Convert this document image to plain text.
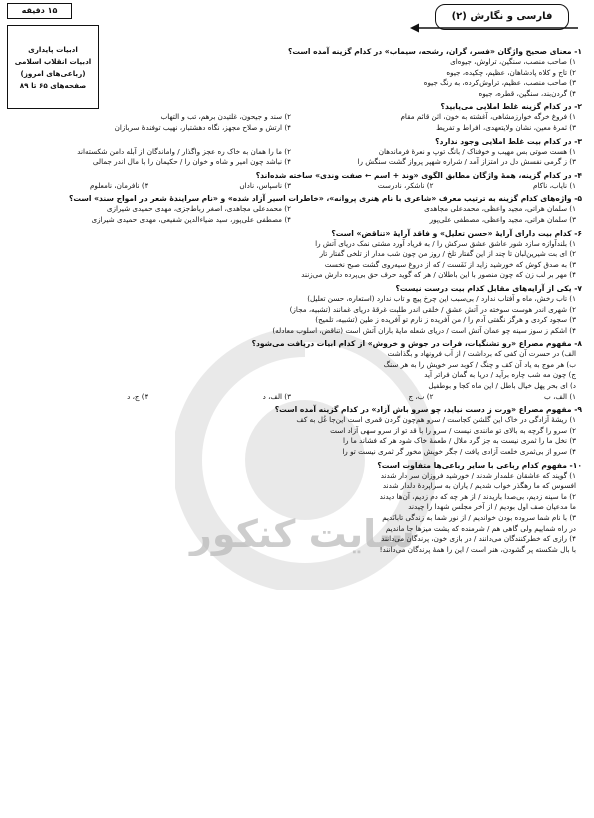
سایت کنکور
۱۵ دقیقه
ادبیات پایداری
ادبیات انقلاب اسلامی
(رباعی‌های امروز)
صفحه‌های ۶۵ تا ۸۹
فارسی و نگارش (۲)
۱- معنای صحیح واژگان «فسر، گران، رشحه، سیماب» در کدام گزینه آمده است؟
۱) صاحب منصب، سنگین، تراوش، جیوه‌ای
۲) تاج و کلاه پادشاهان، عظیم، چکیده، جیوه
۳) صاحب منصب، عظیم، تراوش‌کرده، به رنگ جیوه
۴) گردن‌بند، سنگین، قطره، جیوه
۲- در کدام گزینه غلط املایی می‌یابید؟
۱) فروغ خرگه خوارزمشاهی، آغشته به خون، اثن قائم مقام
۲) سند و جیحون، غلتیدن برهم، تب و التهاب
۳) ثمرهٔ معین، نشان ولایتعهدی، افراط و تفریط
۴) ارتش و صلاح مجهز، نگاه دهشتبار، نهیب توفندهٔ سربازان
۳- در کدام بیت غلط املایی وجود ندارد؟
۱) هست صوتی بس مهیب و خوفناک / بانگ توپ و نعرهٔ فرماندهان
۲) ما را همان به خاک ره عجز واگذار / واماندگان از آبله دامن شکسته‌اند
۳) ز گرمی نفسش دل در امتزاز آمد / شراره شهپر پرواز گشت سنگش را
۴) نباشد چون امیر و شاه و خوان را / حکیمان را با مال اندر جمالی
۴- در کدام گزینه، همهٔ واژگان مطابق الگوی «وند + اسم ← صفت وندی» ساخته شده‌اند؟
۱) نایاب، ناکام
۲) ناشکر، نادرست
۳) ناسپاس، ناداں
۴) نافرمان، نامعلوم
۵- واژه‌های کدام گزینه به ترتیب معرف «شاعری با نام هنری پروانه»، «خاطرات اسیر آزاد شده» و «نام سرایندهٔ شعر در امواج سند» است؟
۱) سلمان هراتی، مجید واعظی، محمدعلی مجاهدی
۲) محمدعلی مجاهدی، اصغر رباط‌جزی، مهدی حمیدی شیرازی
۳) سلمان هراتی، مجید واعظی، مصطفی علی‌پور
۴) مصطفی علی‌پور، سید ضیاءالدین شفیعی، مهدی حمیدی شیرازی
۶- کدام بیت دارای آرایهٔ «حسن تعلیل» و فاقد آرایهٔ «تناقض» است؟
۱) بلندآوازه سازد شور عاشق عشق سرکش را / به فریاد آورد مشتی نمک دریای آتش را
۲) ای بت شیرین‌لبان تا چند از این گفتار تلخ / روز من چون شب مدار از تلخی گفتار تار
۳) به صدق کوش که خورشید زاید از نَفَست / که از دروغ سیه‌روی گشت صبح نخست
۴) مهر بر لب زن که چون منصور با این باطلان / هر که گوید حرف حق بی‌پرده دارش می‌زنند
۷- یکی از آرایه‌های مقابل کدام بیت درست نیست؟
۱) تاب رخش، ماه و آفتاب ندارد / بی‌سبب این چرخ پیچ و تاب ندارد (استعاره، حسن تعلیل)
۲) شهری اندر هوست سوخته در آتش عشق / خلقی اندر طلبت غرقهٔ دریای غمانند (تشبیه، مجاز)
۳) سجود کردی و هرگز نگفتی آدم را / من آفریده ز نارم تو آفریده ز طین (تشبیه، تلمیح)
۴) اشکم ز سوز سینه چو عمان آتش است / دریای شعله مایهٔ باران آتش است (تناقض، اسلوب معادله)
۸- مفهوم مصراع «رو تشنگیات، فرات در جوش و خروش» از کدام ابیات دریافت می‌شود؟
الف) در حسرت آن کفی که برداشت / از آب فرونهاد و بگذاشت
ب) هر موج به یاد آن کف و چنگ / کوبد سر خویش را به هر سنگ
ج) چون مه شب چاره برآید / دریا به گمان فراتر آید
د) ای بحر پهل خیال باطل / این ماه کجا و بوطفیل
۱) الف، ب
۲) ب، ج
۳) الف، د
۴) ج، د
۹- مفهوم مصراع «ورت ز دست نیاید، چو سرو باش آزاد» در کدام گزینه آمده است؟
۱) ریشهٔ آزادگی در خاک این گلشن کجاست / سرو هم‌چون گردن قمری است این‌جا غُل به کف
۲) سرو را گرچه به بالای تو مانندی نیست / سرو را با قد تو از سرو سهی آزاد است
۳) نخل ما را ثمری نیست به جز گرد ملال / طعمهٔ خاک شود هر که فشاند ما را
۴) سرو از بی‌ثمری خلعت آزادی یافت / جگر خویش مخور گر ثمری نیست تو را
۱۰- مفهوم کدام رباعی با سایر رباعی‌ها متفاوت است؟
۱) گویند که عاشقان علمدار شدند / خورشید فروزان سر دار شدند
افسوس که ما رهگذر خواب شدیم / یاران به سراپردهٔ دلدار شدند
۲) ما سینه زدیم، بی‌صدا باریدند / از هر چه که دم زدیم، آن‌ها دیدند
ما مدعیان صف اول بودیم / از آخر مجلس شهدا را چیدند
۳) با نام شما سروده بودن خواندیم / از نور شما به زندگی تابانَدیم
در راه شماییم ولی گاهی هم / شرمنده که پشت میزها جا ماندیم
۴) رازی که خطرکنندگان می‌دانند / در بازی خون، پرندگان می‌دانند
با بال شکسته پر گشودن، هنر است / این را همهٔ پرندگان می‌دانند!
